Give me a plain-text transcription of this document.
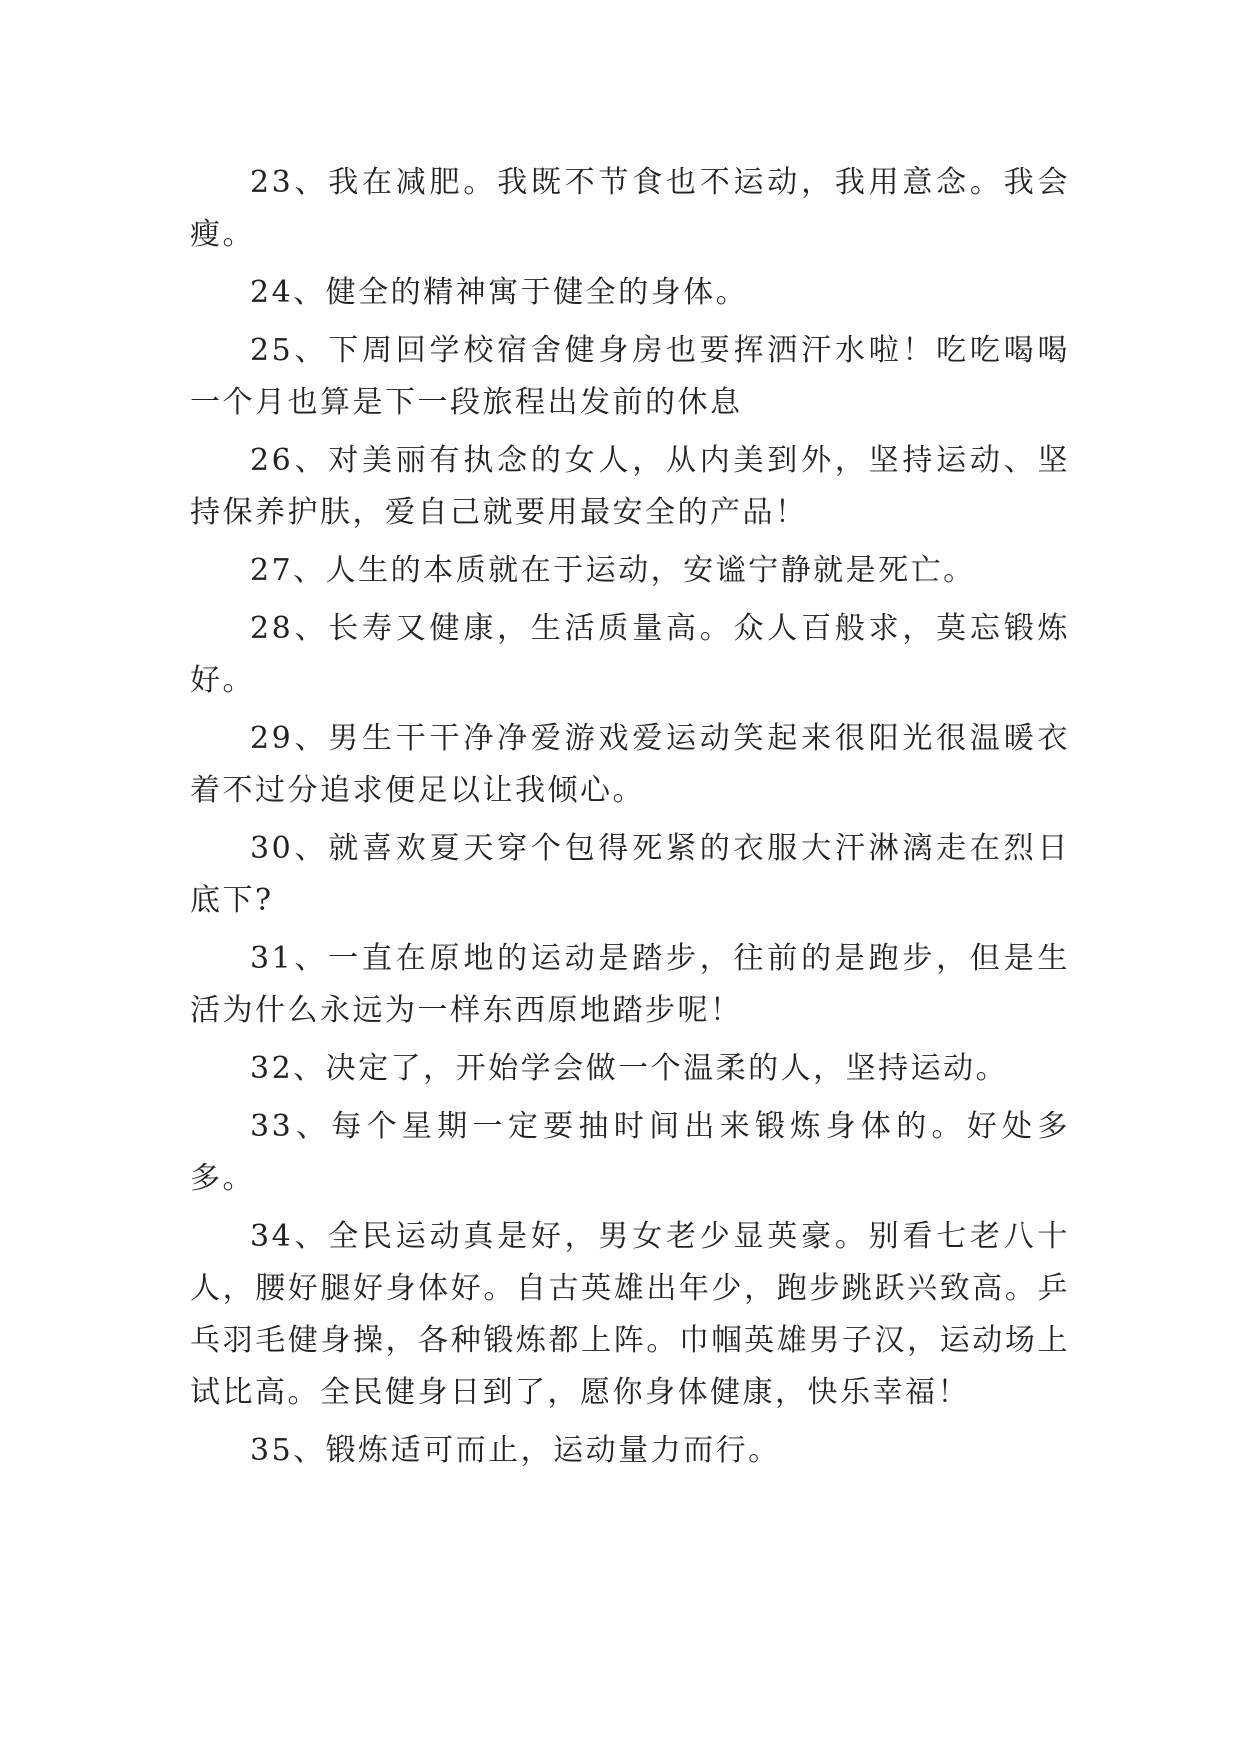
23、我在减肥。我既不节食也不运动，我用意念。我会瘦。

24、健全的精神寓于健全的身体。

25、下周回学校宿舍健身房也要挥洒汗水啦！吃吃喝喝一个月也算是下一段旅程出发前的休息

26、对美丽有执念的女人，从内美到外，坚持运动、坚持保养护肤，爱自己就要用最安全的产品！

27、人生的本质就在于运动，安谧宁静就是死亡。

28、长寿又健康，生活质量高。众人百般求，莫忘锻炼好。

29、男生干干净净爱游戏爱运动笑起来很阳光很温暖衣着不过分追求便足以让我倾心。

30、就喜欢夏天穿个包得死紧的衣服大汗淋漓走在烈日底下?

31、一直在原地的运动是踏步，往前的是跑步，但是生活为什么永远为一样东西原地踏步呢！

32、决定了，开始学会做一个温柔的人，坚持运动。

33、每个星期一定要抽时间出来锻炼身体的。好处多多。

34、全民运动真是好，男女老少显英豪。别看七老八十人，腰好腿好身体好。自古英雄出年少，跑步跳跃兴致高。乒乓羽毛健身操，各种锻炼都上阵。巾帼英雄男子汉，运动场上试比高。全民健身日到了，愿你身体健康，快乐幸福！

35、锻炼适可而止，运动量力而行。
